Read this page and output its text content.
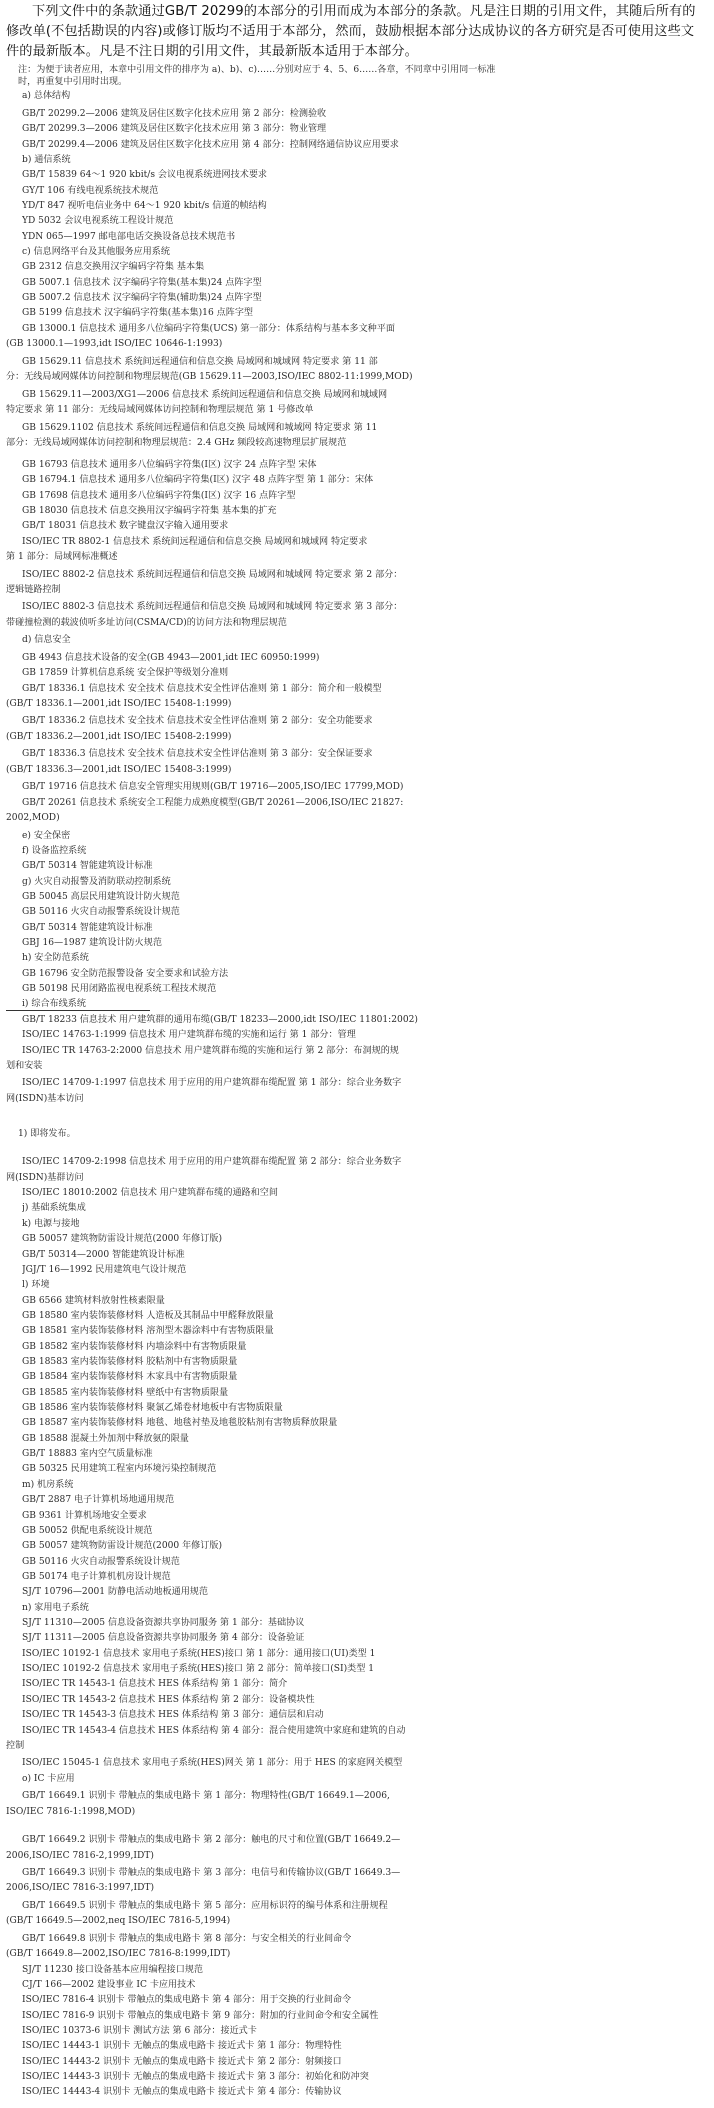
下列文件中的条款通过GB/T 20299的本部分的引用而成为本部分的条款。凡是注日期的引用文件，其随后所有的修改单(不包括勘误的内容)或修订版均不适用于本部分，然而，鼓励根据本部分达成协议的各方研究是否可使用这些文件的最新版本。凡是不注日期的引用文件，其最新版本适用于本部分。
注：为便于读者应用，本章中引用文件的排序为 a)、b)、c)……分别对应于 4、5、6……各章，不同章中引用同一标准
时，再重复中引用时出现。
a) 总体结构
GB/T 20299.2—2006 建筑及居住区数字化技术应用 第 2 部分：检测验收
GB/T 20299.3—2006 建筑及居住区数字化技术应用 第 3 部分：物业管理
GB/T 20299.4—2006 建筑及居住区数字化技术应用 第 4 部分：控制网络通信协议应用要求
b) 通信系统
GB/T 15839 64～1 920 kbit/s 会议电视系统进网技术要求
GY/T 106 有线电视系统技术规范
YD/T 847 视听电信业务中 64～1 920 kbit/s 信道的帧结构
YD 5032 会议电视系统工程设计规范
YDN 065—1997 邮电部电话交换设备总技术规范书
c) 信息网络平台及其他服务应用系统
GB 2312 信息交换用汉字编码字符集 基本集
GB 5007.1 信息技术 汉字编码字符集(基本集)24 点阵字型
GB 5007.2 信息技术 汉字编码字符集(辅助集)24 点阵字型
GB 5199 信息技术 汉字编码字符集(基本集)16 点阵字型
GB 13000.1 信息技术 通用多八位编码字符集(UCS) 第一部分：体系结构与基本多文种平面
(GB 13000.1—1993,idt ISO/IEC 10646-1:1993)
GB 15629.11 信息技术 系统间远程通信和信息交换 局域网和城域网 特定要求 第 11 部
分：无线局域网媒体访问控制和物理层规范(GB 15629.11—2003,ISO/IEC 8802-11:1999,MOD)
GB 15629.11—2003/XG1—2006 信息技术 系统间远程通信和信息交换 局域网和城域网
特定要求 第 11 部分：无线局域网媒体访问控制和物理层规范 第 1 号修改单
GB 15629.1102 信息技术 系统间远程通信和信息交换 局域网和城域网 特定要求 第 11
部分：无线局域网媒体访问控制和物理层规范：2.4 GHz 频段较高速物理层扩展规范
GB 16793 信息技术 通用多八位编码字符集(Ⅰ区) 汉字 24 点阵字型 宋体
GB 16794.1 信息技术 通用多八位编码字符集(Ⅰ区) 汉字 48 点阵字型 第 1 部分：宋体
GB 17698 信息技术 通用多八位编码字符集(Ⅰ区) 汉字 16 点阵字型
GB 18030 信息技术 信息交换用汉字编码字符集 基本集的扩充
GB/T 18031 信息技术 数字键盘汉字输入通用要求
ISO/IEC TR 8802-1 信息技术 系统间远程通信和信息交换 局域网和城域网 特定要求
第 1 部分：局域网标准概述
ISO/IEC 8802-2 信息技术 系统间远程通信和信息交换 局域网和城域网 特定要求 第 2 部分：
逻辑链路控制
ISO/IEC 8802-3 信息技术 系统间远程通信和信息交换 局域网和城域网 特定要求 第 3 部分：
带碰撞检测的载波侦听多址访问(CSMA/CD)的访问方法和物理层规范
d) 信息安全
GB 4943 信息技术设备的安全(GB 4943—2001,idt IEC 60950:1999)
GB 17859 计算机信息系统 安全保护等级划分准则
GB/T 18336.1 信息技术 安全技术 信息技术安全性评估准则 第 1 部分：简介和一般模型
(GB/T 18336.1—2001,idt ISO/IEC 15408-1:1999)
GB/T 18336.2 信息技术 安全技术 信息技术安全性评估准则 第 2 部分：安全功能要求
(GB/T 18336.2—2001,idt ISO/IEC 15408-2:1999)
GB/T 18336.3 信息技术 安全技术 信息技术安全性评估准则 第 3 部分：安全保证要求
(GB/T 18336.3—2001,idt ISO/IEC 15408-3:1999)
GB/T 19716 信息技术 信息安全管理实用规则(GB/T 19716—2005,ISO/IEC 17799,MOD)
GB/T 20261 信息技术 系统安全工程能力成熟度模型(GB/T 20261—2006,ISO/IEC 21827:
2002,MOD)
e) 安全保密
f) 设备监控系统
GB/T 50314 智能建筑设计标准
g) 火灾自动报警及消防联动控制系统
GB 50045 高层民用建筑设计防火规范
GB 50116 火灾自动报警系统设计规范
GB/T 50314 智能建筑设计标准
GBJ 16—1987 建筑设计防火规范
h) 安全防范系统
GB 16796 安全防范报警设备 安全要求和试验方法
GB 50198 民用闭路监视电视系统工程技术规范
i) 综合布线系统
GB/T 18233 信息技术 用户建筑群的通用布缆(GB/T 18233—2000,idt ISO/IEC 11801:2002)
ISO/IEC 14763-1:1999 信息技术 用户建筑群布缆的实施和运行 第 1 部分：管理
ISO/IEC TR 14763-2:2000 信息技术 用户建筑群布缆的实施和运行 第 2 部分：布洞规的规
划和安装
ISO/IEC 14709-1:1997 信息技术 用于应用的用户建筑群布缆配置 第 1 部分：综合业务数字
网(ISDN)基本访问
1) 即将发布。
ISO/IEC 14709-2:1998 信息技术 用于应用的用户建筑群布缆配置 第 2 部分：综合业务数字
网(ISDN)基群访问
ISO/IEC 18010:2002 信息技术 用户建筑群布缆的通路和空间
j) 基础系统集成
k) 电源与接地
GB 50057 建筑物防雷设计规范(2000 年修订版)
GB/T 50314—2000 智能建筑设计标准
JGJ/T 16—1992 民用建筑电气设计规范
l) 环境
GB 6566 建筑材料放射性核素限量
GB 18580 室内装饰装修材料 人造板及其制品中甲醛释放限量
GB 18581 室内装饰装修材料 溶剂型木器涂料中有害物质限量
GB 18582 室内装饰装修材料 内墙涂料中有害物质限量
GB 18583 室内装饰装修材料 胶粘剂中有害物质限量
GB 18584 室内装饰装修材料 木家具中有害物质限量
GB 18585 室内装饰装修材料 壁纸中有害物质限量
GB 18586 室内装饰装修材料 聚氯乙烯卷材地板中有害物质限量
GB 18587 室内装饰装修材料 地毯、地毯衬垫及地毯胶粘剂有害物质释放限量
GB 18588 混凝土外加剂中释放氨的限量
GB/T 18883 室内空气质量标准
GB 50325 民用建筑工程室内环境污染控制规范
m) 机房系统
GB/T 2887 电子计算机场地通用规范
GB 9361 计算机场地安全要求
GB 50052 供配电系统设计规范
GB 50057 建筑物防雷设计规范(2000 年修订版)
GB 50116 火灾自动报警系统设计规范
GB 50174 电子计算机机房设计规范
SJ/T 10796—2001 防静电活动地板通用规范
n) 家用电子系统
SJ/T 11310—2005 信息设备资源共享协同服务 第 1 部分：基础协议
SJ/T 11311—2005 信息设备资源共享协同服务 第 4 部分：设备验证
ISO/IEC 10192-1 信息技术 家用电子系统(HES)接口 第 1 部分：通用接口(UI)类型 1
ISO/IEC 10192-2 信息技术 家用电子系统(HES)接口 第 2 部分：简单接口(SI)类型 1
ISO/IEC TR 14543-1 信息技术 HES 体系结构 第 1 部分：简介
ISO/IEC TR 14543-2 信息技术 HES 体系结构 第 2 部分：设备模块性
ISO/IEC TR 14543-3 信息技术 HES 体系结构 第 3 部分：通信层和启动
ISO/IEC TR 14543-4 信息技术 HES 体系结构 第 4 部分：混合使用建筑中家庭和建筑的自动
控制
ISO/IEC 15045-1 信息技术 家用电子系统(HES)网关 第 1 部分：用于 HES 的家庭网关模型
o) IC 卡应用
GB/T 16649.1 识别卡 带触点的集成电路卡 第 1 部分：物理特性(GB/T 16649.1—2006,
ISO/IEC 7816-1:1998,MOD)
GB/T 16649.2 识别卡 带触点的集成电路卡 第 2 部分：触电的尺寸和位置(GB/T 16649.2—
2006,ISO/IEC 7816-2,1999,IDT)
GB/T 16649.3 识别卡 带触点的集成电路卡 第 3 部分：电信号和传输协议(GB/T 16649.3—
2006,ISO/IEC 7816-3:1997,IDT)
GB/T 16649.5 识别卡 带触点的集成电路卡 第 5 部分：应用标识符的编号体系和注册规程
(GB/T 16649.5—2002,neq ISO/IEC 7816-5,1994)
GB/T 16649.8 识别卡 带触点的集成电路卡 第 8 部分：与安全相关的行业间命令
(GB/T 16649.8—2002,ISO/IEC 7816-8:1999,IDT)
SJ/T 11230 接口设备基本应用编程接口规范
CJ/T 166—2002 建设事业 IC 卡应用技术
ISO/IEC 7816-4 识别卡 带触点的集成电路卡 第 4 部分：用于交换的行业间命令
ISO/IEC 7816-9 识别卡 带触点的集成电路卡 第 9 部分：附加的行业间命令和安全属性
ISO/IEC 10373-6 识别卡 测试方法 第 6 部分：接近式卡
ISO/IEC 14443-1 识别卡 无触点的集成电路卡 接近式卡 第 1 部分：物理特性
ISO/IEC 14443-2 识别卡 无触点的集成电路卡 接近式卡 第 2 部分：射频接口
ISO/IEC 14443-3 识别卡 无触点的集成电路卡 接近式卡 第 3 部分：初始化和防冲突
ISO/IEC 14443-4 识别卡 无触点的集成电路卡 接近式卡 第 4 部分：传输协议
